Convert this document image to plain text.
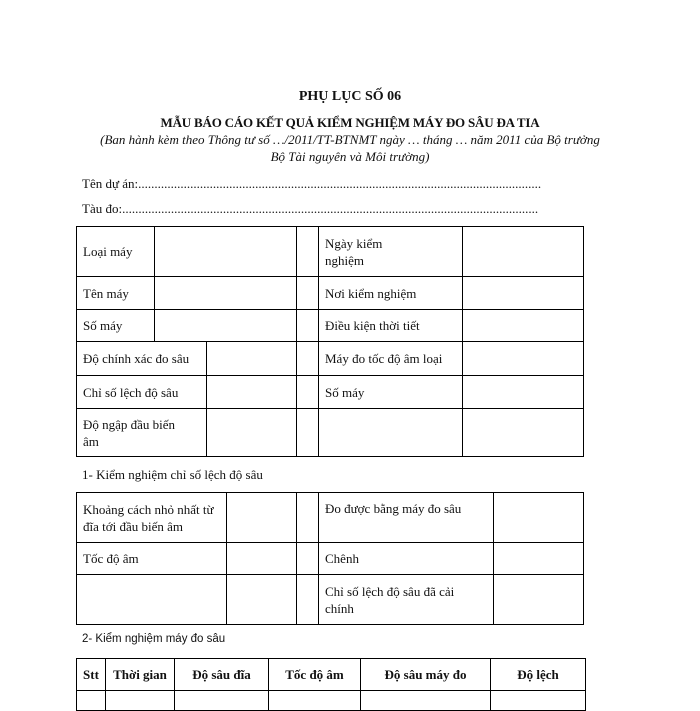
PHỤ LỤC SỐ 06
MẪU BÁO CÁO KẾT QUẢ KIỂM NGHIỆM MÁY ĐO SÂU ĐA TIA
(Ban hành kèm theo Thông tư số …/2011/TT-BTNMT ngày … tháng … năm 2011 của Bộ trưởng
Bộ Tài nguyên và Môi trường)
Tên dự án:............................................................................................................................
Tàu đo:................................................................................................................................
Loại máy				Ngày kiểm
nghiệm	
Tên máy				Nơi kiểm nghiệm	
Số máy				Điều kiện thời tiết	
Độ chính xác đo sâu				Máy đo tốc độ âm loại	
Chỉ số lệch độ sâu				Số máy	
Độ ngập đầu biến
âm					
1- Kiểm nghiệm chỉ số lệch độ sâu
Khoảng cách nhỏ nhất từ
đĩa tới đầu biến âm			Đo được bằng máy đo sâu	
Tốc độ âm			Chênh	
			Chỉ số lệch độ sâu đã cải
chính	
2- Kiểm nghiệm máy đo sâu
Stt	Thời gian	Độ sâu đĩa	Tốc độ âm	Độ sâu máy đo	Độ lệch
